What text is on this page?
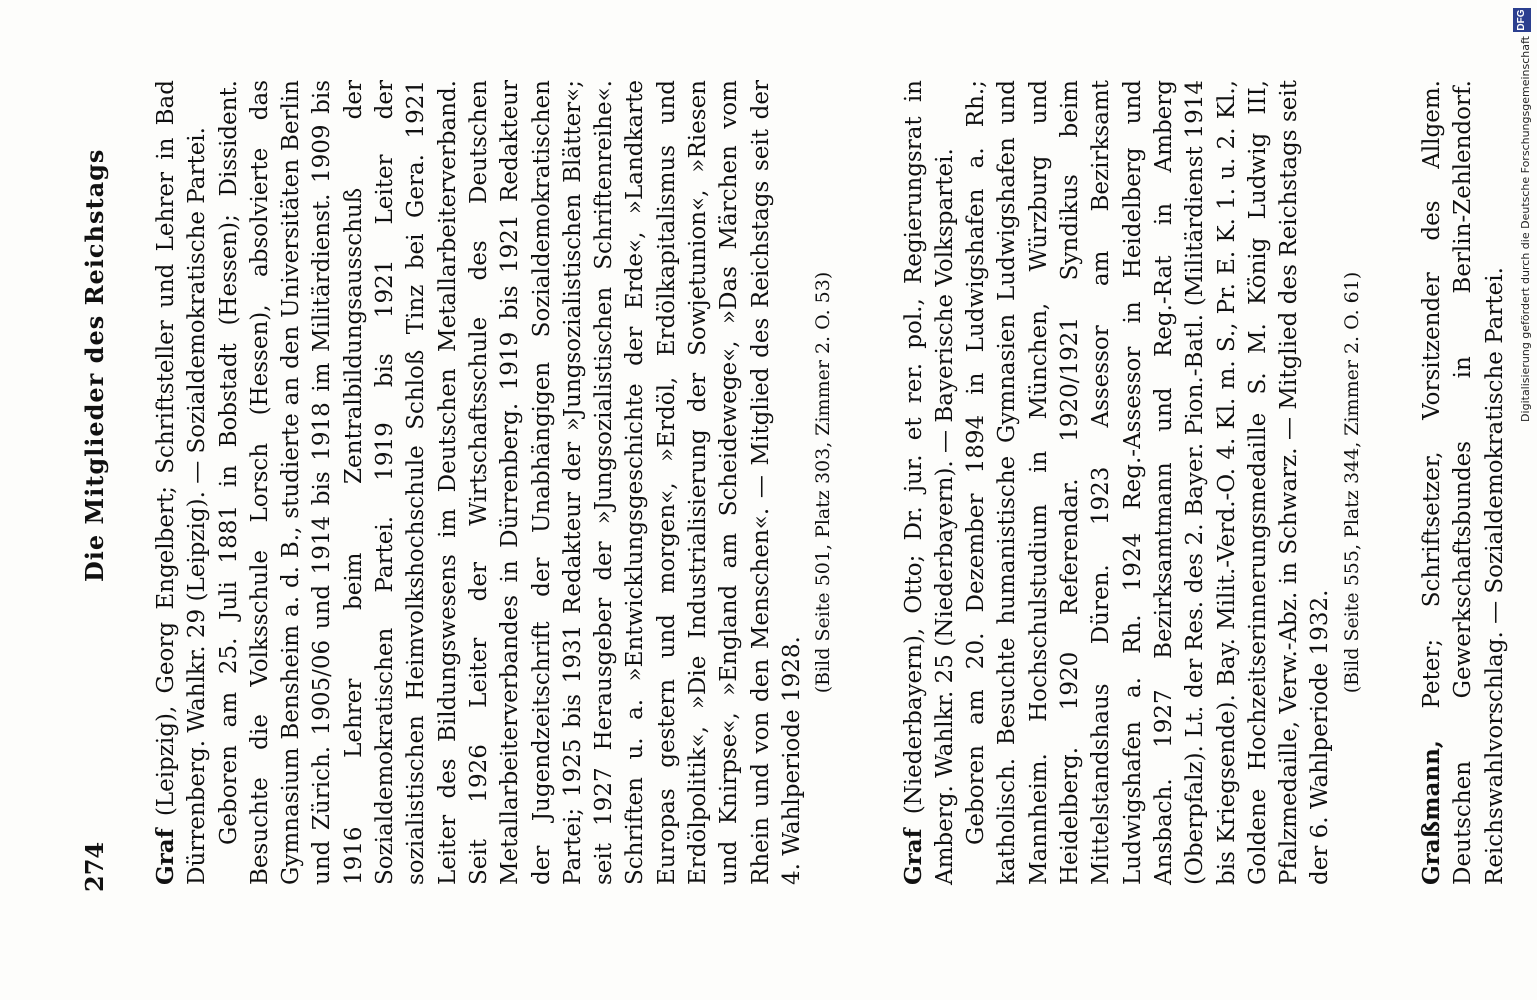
274
Die Mitglieder des Reichstags

Graf (Leipzig), Georg Engelbert; Schriftsteller und Lehrer in Bad Dürrenberg. Wahlkr. 29 (Leipzig). — Sozialdemokratische Partei. Geboren am 25. Juli 1881 in Bobstadt (Hessen); Dissident. Besuchte die Volksschule Lorsch (Hessen), absolvierte das Gymnasium Bensheim a. d. B., studierte an den Universitäten Berlin und Zürich. 1905/06 und 1914 bis 1918 im Militärdienst. 1909 bis 1916 Lehrer beim Zentralbildungsausschuß der Sozialdemokratischen Partei. 1919 bis 1921 Leiter der sozialistischen Heimvolkshochschule Schloß Tinz bei Gera. 1921 Leiter des Bildungswesens im Deutschen Metallarbeiterverband. Seit 1926 Leiter der Wirtschaftsschule des Deutschen Metallarbeiterverbandes in Dürrenberg. 1919 bis 1921 Redakteur der Jugendzeitschrift der Unabhängigen Sozialdemokratischen Partei; 1925 bis 1931 Redakteur der »Jungsozialistischen Blätter«; seit 1927 Herausgeber der »Jungsozialistischen Schriftenreihe«. Schriften u. a. »Entwicklungsgeschichte der Erde«, »Landkarte Europas gestern und morgen«, »Erdöl, Erdölkapitalismus und Erdölpolitik«, »Die Industrialisierung der Sowjetunion«, »Riesen und Knirpse«, »England am Scheidewege«, »Das Märchen vom Rhein und von den Menschen«. — Mitglied des Reichstags seit der 4. Wahlperiode 1928.

(Bild Seite 501, Platz 303, Zimmer 2. O. 53)

Graf (Niederbayern), Otto; Dr. jur. et rer. pol., Regierungsrat in Amberg. Wahlkr. 25 (Niederbayern). — Bayerische Volkspartei. Geboren am 20. Dezember 1894 in Ludwigshafen a. Rh.; katholisch. Besuchte humanistische Gymnasien Ludwigshafen und Mannheim. Hochschulstudium in München, Würzburg und Heidelberg. 1920 Referendar. 1920/1921 Syndikus beim Mittelstandshaus Düren. 1923 Assessor am Bezirksamt Ludwigshafen a. Rh. 1924 Reg.-Assessor in Heidelberg und Ansbach. 1927 Bezirksamtmann und Reg.-Rat in Amberg (Oberpfalz). Lt. der Res. des 2. Bayer. Pion.-Batl. (Militärdienst 1914 bis Kriegsende). Bay. Milit.-Verd.-O. 4. Kl. m. S., Pr. E. K. 1. u. 2. Kl., Goldene Hochzeitserinnerungsmedaille S. M. König Ludwig III, Pfalzmedaille, Verw.-Abz. in Schwarz. — Mitglied des Reichstags seit der 6. Wahlperiode 1932.

(Bild Seite 555, Platz 344, Zimmer 2. O. 61)

Graßmann, Peter; Schriftsetzer, Vorsitzender des Allgem. Deutschen Gewerkschaftsbundes in Berlin-Zehlendorf. Reichswahlvorschlag. — Sozialdemokratische Partei.

Digitalisierung gefördert durch die Deutsche Forschungsgemeinschaft
DFG
